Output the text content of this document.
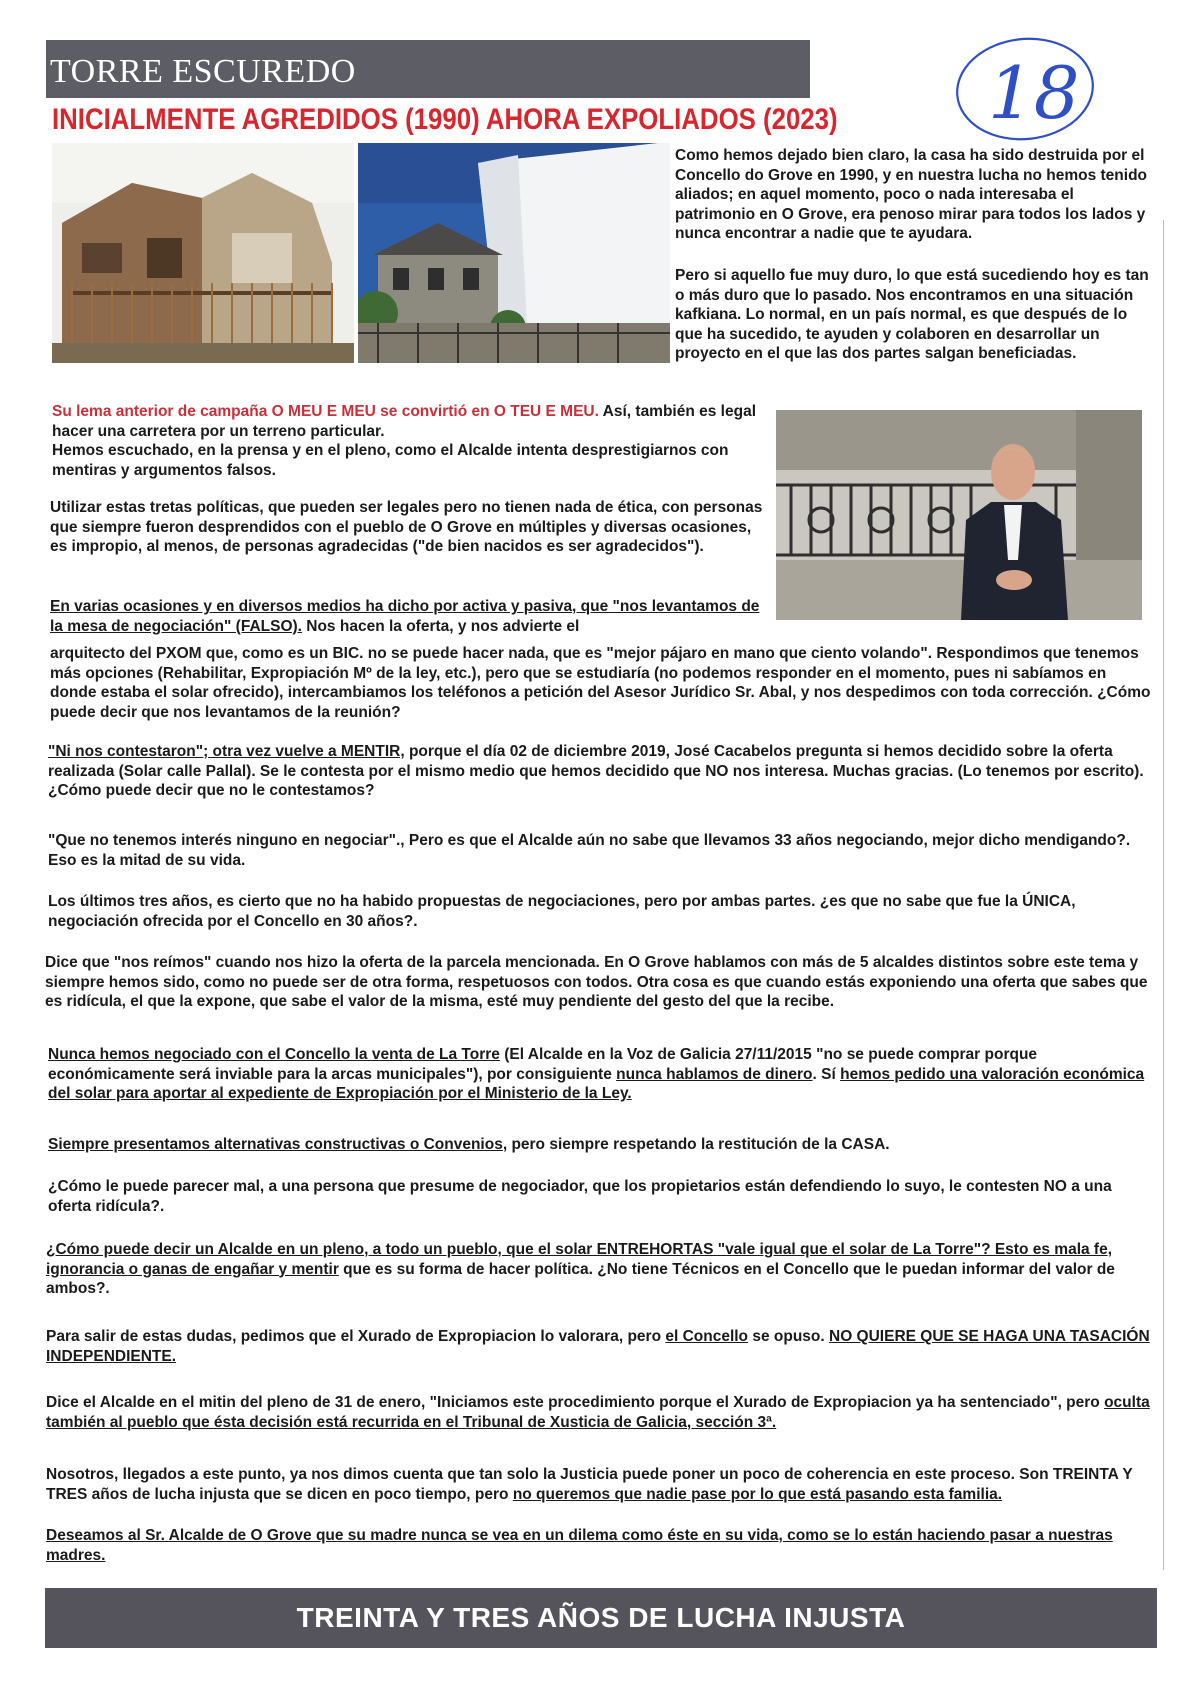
TORRE ESCUREDO
INICIALMENTE AGREDIDOS (1990) AHORA EXPOLIADOS (2023) 18

Como hemos dejado bien claro, la casa ha sido destruida por el Concello do Grove en 1990, y en nuestra lucha no hemos tenido aliados; en aquel momento, poco o nada interesaba el patrimonio en O Grove, era penoso mirar para todos los lados y nunca encontrar a nadie que te ayudara.

Pero si aquello fue muy duro, lo que está sucediendo hoy es tan o más duro que lo pasado. Nos encontramos en una situación kafkiana. Lo normal, en un país normal, es que después de lo que ha sucedido, te ayuden y colaboren en desarrollar un proyecto en el que las dos partes salgan beneficiadas.

Su lema anterior de campaña O MEU E MEU se convirtió en O TEU E MEU. Así, también es legal hacer una carretera por un terreno particular.

Hemos escuchado, en la prensa y en el pleno, como el Alcalde intenta desprestigiarnos con mentiras y argumentos falsos.

Utilizar estas tretas políticas, que pueden ser legales pero no tienen nada de ética, con personas que siempre fueron desprendidos con el pueblo de O Grove en múltiples y diversas ocasiones, es impropio, al menos, de personas agradecidas ("de bien nacidos es ser agradecidos").

En varias ocasiones y en diversos medios ha dicho por activa y pasiva, que "nos levantamos de la mesa de negociación" (FALSO). Nos hacen la oferta, y nos advierte el

arquitecto del PXOM que, como es un BIC. no se puede hacer nada, que es "mejor pájaro en mano que ciento volando". Respondimos que tenemos más opciones (Rehabilitar, Expropiación Mº de la ley, etc.), pero que se estudiaría (no podemos responder en el momento, pues ni sabíamos en donde estaba el solar ofrecido), intercambiamos los teléfonos a petición del Asesor Jurídico Sr. Abal, y nos despedimos con toda corrección. ¿Cómo puede decir que nos levantamos de la reunión?

"Ni nos contestaron"; otra vez vuelve a MENTIR, porque el día 02 de diciembre 2019, José Cacabelos pregunta si hemos decidido sobre la oferta realizada (Solar calle Pallal). Se le contesta por el mismo medio que hemos decidido que NO nos interesa. Muchas gracias. (Lo tenemos por escrito). ¿Cómo puede decir que no le contestamos?

"Que no tenemos interés ninguno en negociar"., Pero es que el Alcalde aún no sabe que llevamos 33 años negociando, mejor dicho mendigando?. Eso es la mitad de su vida.

Los últimos tres años, es cierto que no ha habido propuestas de negociaciones, pero por ambas partes. ¿es que no sabe que fue la ÚNICA, negociación ofrecida por el Concello en 30 años?.

Dice que "nos reímos" cuando nos hizo la oferta de la parcela mencionada. En O Grove hablamos con más de 5 alcaldes distintos sobre este tema y siempre hemos sido, como no puede ser de otra forma, respetuosos con todos. Otra cosa es que cuando estás exponiendo una oferta que sabes que es ridícula, el que la expone, que sabe el valor de la misma, esté muy pendiente del gesto del que la recibe.

Nunca hemos negociado con el Concello la venta de La Torre (El Alcalde en la Voz de Galicia 27/11/2015 "no se puede comprar porque económicamente será inviable para la arcas municipales"), por consiguiente nunca hablamos de dinero. Sí hemos pedido una valoración económica del solar para aportar al expediente de Expropiación por el Ministerio de la Ley.

Siempre presentamos alternativas constructivas o Convenios, pero siempre respetando la restitución de la CASA.

¿Cómo le puede parecer mal, a una persona que presume de negociador, que los propietarios están defendiendo lo suyo, le contesten NO a una oferta ridícula?.

¿Cómo puede decir un Alcalde en un pleno, a todo un pueblo, que el solar ENTREHORTAS "vale igual que el solar de La Torre"? Esto es mala fe, ignorancia o ganas de engañar y mentir que es su forma de hacer política. ¿No tiene Técnicos en el Concello que le puedan informar del valor de ambos?.

Para salir de estas dudas, pedimos que el Xurado de Expropiacion lo valorara, pero el Concello se opuso. NO QUIERE QUE SE HAGA UNA TASACIÓN INDEPENDIENTE.

Dice el Alcalde en el mitin del pleno de 31 de enero, "Iniciamos este procedimiento porque el Xurado de Expropiacion ya ha sentenciado", pero oculta también al pueblo que ésta decisión está recurrida en el Tribunal de Xusticia de Galicia, sección 3ª.

Nosotros, llegados a este punto, ya nos dimos cuenta que tan solo la Justicia puede poner un poco de coherencia en este proceso. Son TREINTA Y TRES años de lucha injusta que se dicen en poco tiempo, pero no queremos que nadie pase por lo que está pasando esta familia.

Deseamos al Sr. Alcalde de O Grove que su madre nunca se vea en un dilema como éste en su vida, como se lo están haciendo pasar a nuestras madres.

TREINTA Y TRES AÑOS DE LUCHA INJUSTA
